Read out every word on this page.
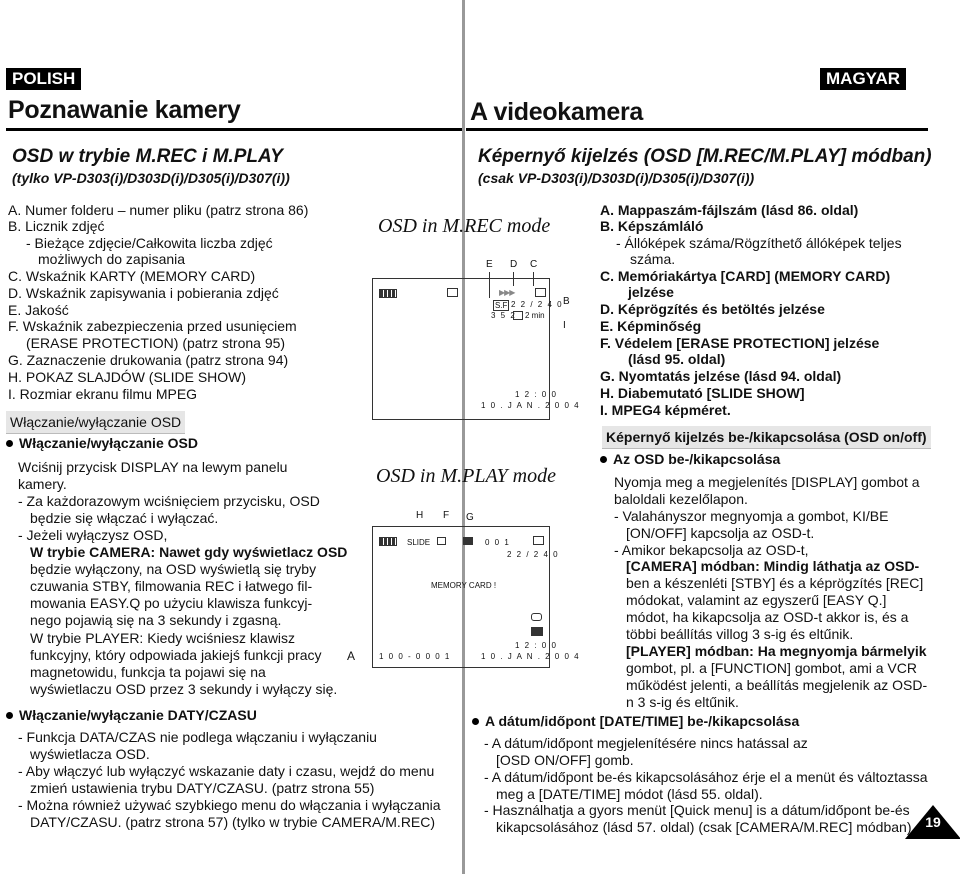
POLISH	MAGYAR
Poznawanie kamery	A videokamera
OSD w trybie M.REC i M.PLAY
(tylko VP-D303(i)/D303D(i)/D305(i)/D307(i))
Képernyő kijelzés (OSD [M.REC/M.PLAY] módban)
(csak VP-D303(i)/D303D(i)/D305(i)/D307(i))
A. Numer folderu – numer pliku (patrz strona 86)
B. Licznik zdjęć
- Bieżące zdjęcie/Całkowita liczba zdjęć
możliwych do zapisania
C. Wskaźnik KARTY (MEMORY CARD)
D. Wskaźnik zapisywania i pobierania zdjęć
E. Jakość
F. Wskaźnik zabezpieczenia przed usunięciem
(ERASE PROTECTION) (patrz strona 95)
G. Zaznaczenie drukowania (patrz strona 94)
H. POKAZ SLAJDÓW (SLIDE SHOW)
I. Rozmiar ekranu filmu MPEG
Włączanie/wyłączanie OSD
Włączanie/wyłączanie OSD
Wciśnij przycisk DISPLAY na lewym panelu
kamery.
- Za każdorazowym wciśnięciem przycisku, OSD
będzie się włączać i wyłączać.
- Jeżeli wyłączysz OSD,
W trybie CAMERA: Nawet gdy wyświetlacz OSD
będzie wyłączony, na OSD wyświetlą się tryby
czuwania STBY, filmowania REC i łatwego fil-
mowania EASY.Q po użyciu klawisza funkcyj-
nego pojawią się na 3 sekundy i zgasną.
W trybie PLAYER: Kiedy wciśniesz klawisz
funkcyjny, który odpowiada jakiejś funkcji pracy
magnetowidu, funkcja ta pojawi się na
wyświetlaczu OSD przez 3 sekundy i wyłączy się.
Włączanie/wyłączanie DATY/CZASU
- Funkcja DATA/CZAS nie podlega włączaniu i wyłączaniu
wyświetlacza OSD.
- Aby włączyć lub wyłączyć wskazanie daty i czasu, wejdź do menu
zmień ustawienia trybu DATY/CZASU. (patrz strona 55)
- Można również używać szybkiego menu do włączania i wyłączania
DATY/CZASU. (patrz strona 57) (tylko w trybie CAMERA/M.REC)
OSD in M.REC mode
E D C
B
I
▶▶▶
S.F 2 2 / 2 4 0
3 5 2 2 min
1 2 : 0 0
1 0 . J A N . 2 0 0 4
OSD in M.PLAY mode
H F G
A
SLIDE	0 0 1
2 2 / 2 4 0
MEMORY CARD !
1 2 : 0 0
1 0 0 - 0 0 0 1	1 0 . J A N . 2 0 0 4
A. Mappaszám-fájlszám (lásd 86. oldal)
B. Képszámláló
- Állóképek száma/Rögzíthető állóképek teljes
száma.
C. Memóriakártya [CARD] (MEMORY CARD)
jelzése
D. Képrögzítés és betöltés jelzése
E. Képminőség
F. Védelem [ERASE PROTECTION] jelzése
(lásd 95. oldal)
G. Nyomtatás jelzése (lásd 94. oldal)
H. Diabemutató [SLIDE SHOW]
I. MPEG4 képméret.
Képernyő kijelzés be-/kikapcsolása (OSD on/off)
Az OSD be-/kikapcsolása
Nyomja meg a megjelenítés [DISPLAY] gombot a
baloldali kezelőlapon.
- Valahányszor megnyomja a gombot, KI/BE
[ON/OFF] kapcsolja az OSD-t.
- Amikor bekapcsolja az OSD-t,
[CAMERA] módban: Mindig láthatja az OSD-
ben a készenléti [STBY] és a képrögzítés [REC]
módokat, valamint az egyszerű [EASY Q.]
módot, ha kikapcsolja az OSD-t akkor is, és a
többi beállítás villog 3 s-ig és eltűnik.
[PLAYER] módban: Ha megnyomja bármelyik
gombot, pl. a [FUNCTION] gombot, ami a VCR
működést jelenti, a beállítás megjelenik az OSD-
n 3 s-ig és eltűnik.
A dátum/időpont [DATE/TIME] be-/kikapcsolása
- A dátum/időpont megjelenítésére nincs hatással az
[OSD ON/OFF] gomb.
- A dátum/időpont be-és kikapcsolásához érje el a menüt és változtassa
meg a [DATE/TIME] módot (lásd 55. oldal).
- Használhatja a gyors menüt [Quick menu] is a dátum/időpont be-és
kikapcsolásához (lásd 57. oldal) (csak [CAMERA/M.REC] módban). 19
